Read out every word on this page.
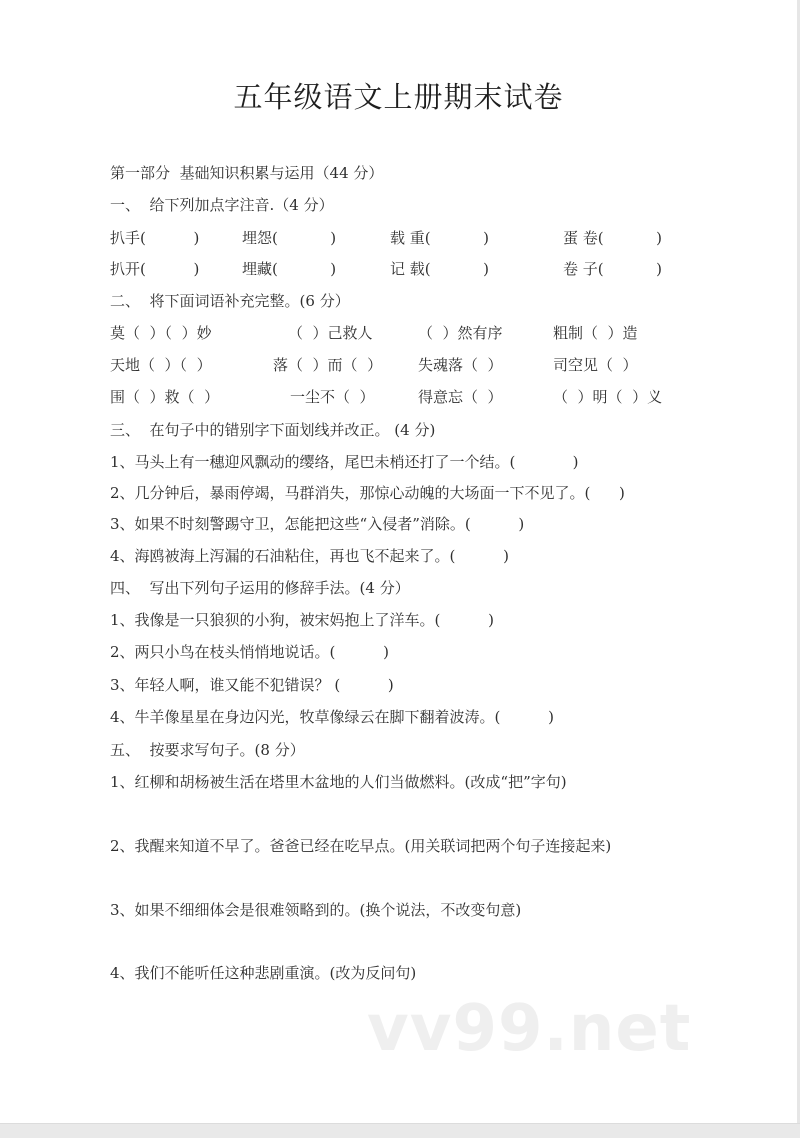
五年级语文上册期末试卷
第一部分  基础知识积累与运用（44 分）
一、  给下列加点字注音.（4 分）
扒手(          )	埋怨(           )	载 重(           )	蛋 卷(           )
扒开(          )	埋藏(           )	记 载(           )	卷 子(           )
二、  将下面词语补充完整。(6 分）
莫（  ）（  ）妙	（  ）己救人	（  ）然有序	粗制（  ）造
天地（  ）（  ）	落（  ）而（  ） 失魂落（  ）	司空见（  ）
围（  ）救（  ）	一尘不（  ）	得意忘（  ）	（  ）明（  ）义
三、  在句子中的错别字下面划线并改正。 (4 分)
1、马头上有一穗迎风飘动的缨络，尾巴未梢还打了一个结。(            )
2、几分钟后，暴雨停竭，马群消失，那惊心动魄的大场面一下不见了。(      )
3、如果不时刻警踢守卫，怎能把这些“入侵者”消除。(          )
4、海鸥被海上泻漏的石油粘住，再也飞不起来了。(          )
四、  写出下列句子运用的修辞手法。(4 分）
1、我像是一只狼狈的小狗，被宋妈抱上了洋车。(          )
2、两只小鸟在枝头悄悄地说话。(          )
3、年轻人啊，谁又能不犯错误？ (          )
4、牛羊像星星在身边闪光，牧草像绿云在脚下翻着波涛。(          )
五、  按要求写句子。(8 分）
1、红柳和胡杨被生活在塔里木盆地的人们当做燃料。(改成“把”字句)
2、我醒来知道不早了。爸爸已经在吃早点。(用关联词把两个句子连接起来)
3、如果不细细体会是很难领略到的。(换个说法，不改变句意)
4、我们不能听任这种悲剧重演。(改为反问句)
vv99.net
